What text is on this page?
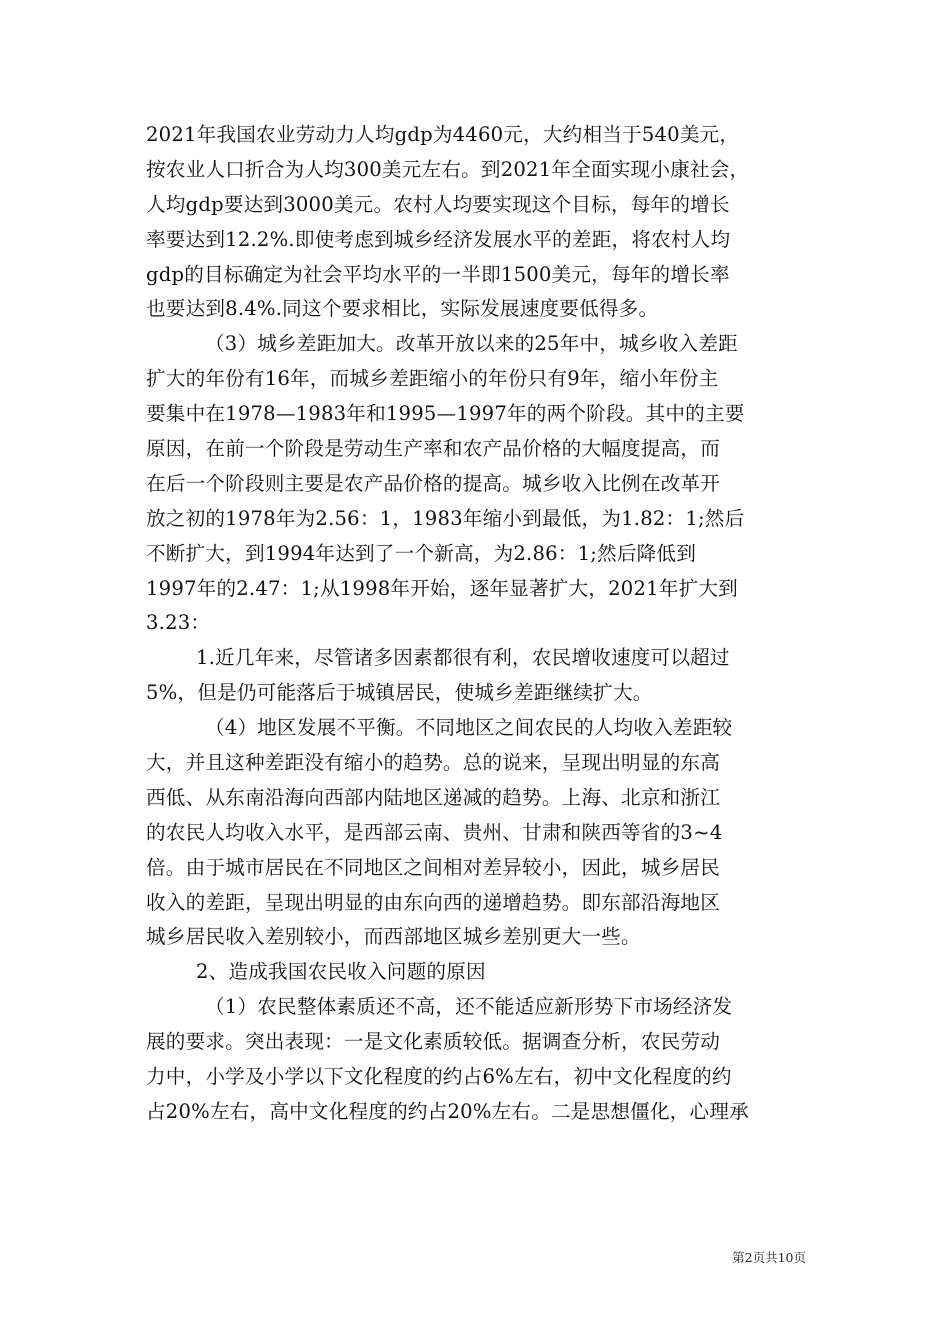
2021年我国农业劳动力人均gdp为4460元，大约相当于540美元，
按农业人口折合为人均300美元左右。到2021年全面实现小康社会，
人均gdp要达到3000美元。农村人均要实现这个目标，每年的增长
率要达到12.2%.即使考虑到城乡经济发展水平的差距，将农村人均
gdp的目标确定为社会平均水平的一半即1500美元，每年的增长率
也要达到8.4%.同这个要求相比，实际发展速度要低得多。
（3）城乡差距加大。改革开放以来的25年中，城乡收入差距
扩大的年份有16年，而城乡差距缩小的年份只有9年，缩小年份主
要集中在1978—1983年和1995—1997年的两个阶段。其中的主要
原因，在前一个阶段是劳动生产率和农产品价格的大幅度提高，而
在后一个阶段则主要是农产品价格的提高。城乡收入比例在改革开
放之初的1978年为2.56：1，1983年缩小到最低，为1.82：1;然后
不断扩大，到1994年达到了一个新高，为2.86：1;然后降低到
1997年的2.47：1;从1998年开始，逐年显著扩大，2021年扩大到
3.23：
1.近几年来，尽管诸多因素都很有利，农民增收速度可以超过
5%，但是仍可能落后于城镇居民，使城乡差距继续扩大。
（4）地区发展不平衡。不同地区之间农民的人均收入差距较
大，并且这种差距没有缩小的趋势。总的说来，呈现出明显的东高
西低、从东南沿海向西部内陆地区递减的趋势。上海、北京和浙江
的农民人均收入水平，是西部云南、贵州、甘肃和陕西等省的3~4
倍。由于城市居民在不同地区之间相对差异较小，因此，城乡居民
收入的差距，呈现出明显的由东向西的递增趋势。即东部沿海地区
城乡居民收入差别较小，而西部地区城乡差别更大一些。
2、造成我国农民收入问题的原因
（1）农民整体素质还不高，还不能适应新形势下市场经济发
展的要求。突出表现：一是文化素质较低。据调查分析，农民劳动
力中，小学及小学以下文化程度的约占6%左右，初中文化程度的约
占20%左右，高中文化程度的约占20%左右。二是思想僵化，心理承
第2页共10页
